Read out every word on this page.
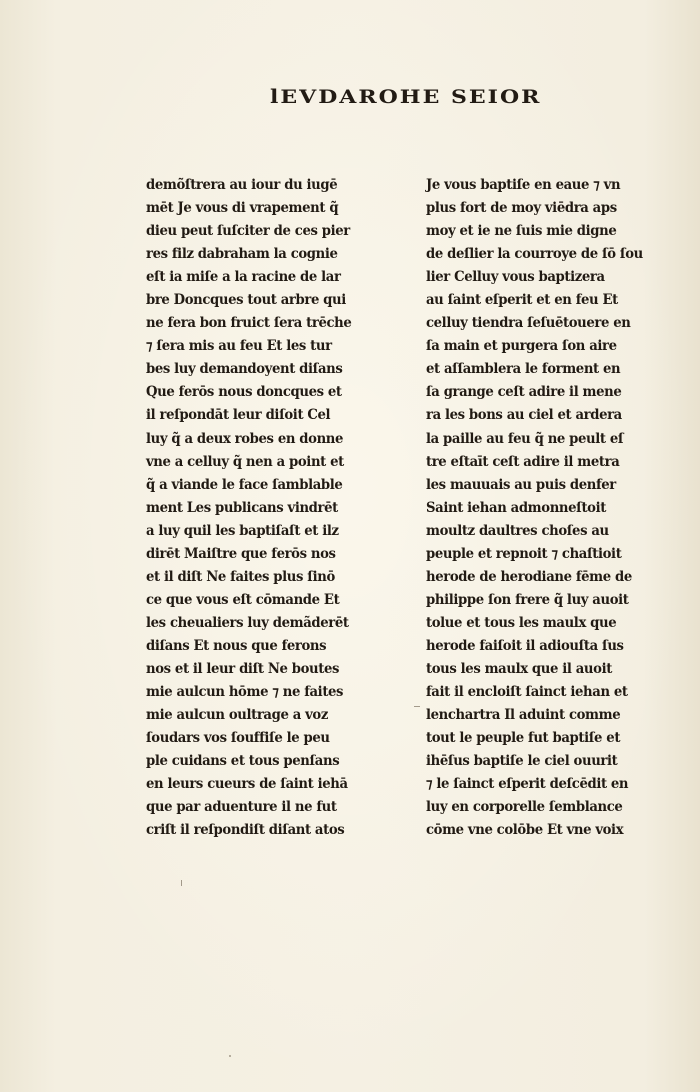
lEVDAROHE SEIOR
demõſtrera au iour du iugē
mēt Je vous di vrapement q̃
dieu peut ſuſciter de ces pier
res filz dabraham la cognie
eſt ia miſe a la racine de lar
bre Doncques tout arbre qui
ne fera bon fruict ſera trēche
⁊ ſera mis au feu Et les tur
bes luy demandoyent diſans
Que ferōs nous doncques et
il reſpondāt leur diſoit Cel
luy q̃ a deux robes en donne
vne a celluy q̃ nen a point et
q̃ a viande le face ſamblable
ment Les publicans vindrēt
a luy quil les baptiſaſt et ilz
dirēt Maiſtre que ferōs nos
et il diſt Ne faites plus ſinō
ce que vous eſt cōmande Et
les cheualiers luy demãderēt
diſans Et nous que ferons
nos et il leur diſt Ne boutes
mie aulcun hōme ⁊ ne faites
mie aulcun oultrage a voz
ſoudars vos ſouffiſe le peu
ple cuidans et tous penſans
en leurs cueurs de ſaint iehā
que par aduenture il ne fut
criſt il reſpondiſt diſant atos
Je vous baptiſe en eaue ⁊ vn
plus fort de moy viēdra aps
moy et ie ne ſuis mie digne
de deſlier la courroye de ſō ſou
lier Celluy vous baptizera
au ſaint eſperit et en feu Et
celluy tiendra ſeſuētouere en
ſa main et purgera ſon aire
et aſſamblera le forment en
ſa grange ceſt adire il mene
ra les bons au ciel et ardera
la paille au feu q̃ ne peult eſ
tre eſtaīt ceſt adire il metra
les mauuais au puis denfer
Saint iehan admonneſtoit
moultz daultres choſes au
peuple et repnoit ⁊ chaſtioit
herode de herodiane fēme de
philippe ſon frere q̃ luy auoit
tolue et tous les maulx que
herode faiſoit il adiouſta ſus
tous les maulx que il auoit
fait il encloiſt ſainct iehan et
lenchartra Il aduint comme
tout le peuple fut baptiſe et
ihēſus baptiſe le ciel ouurit
⁊ le ſainct eſperit deſcēdit en
luy en corporelle ſemblance
cōme vne colōbe Et vne voix
